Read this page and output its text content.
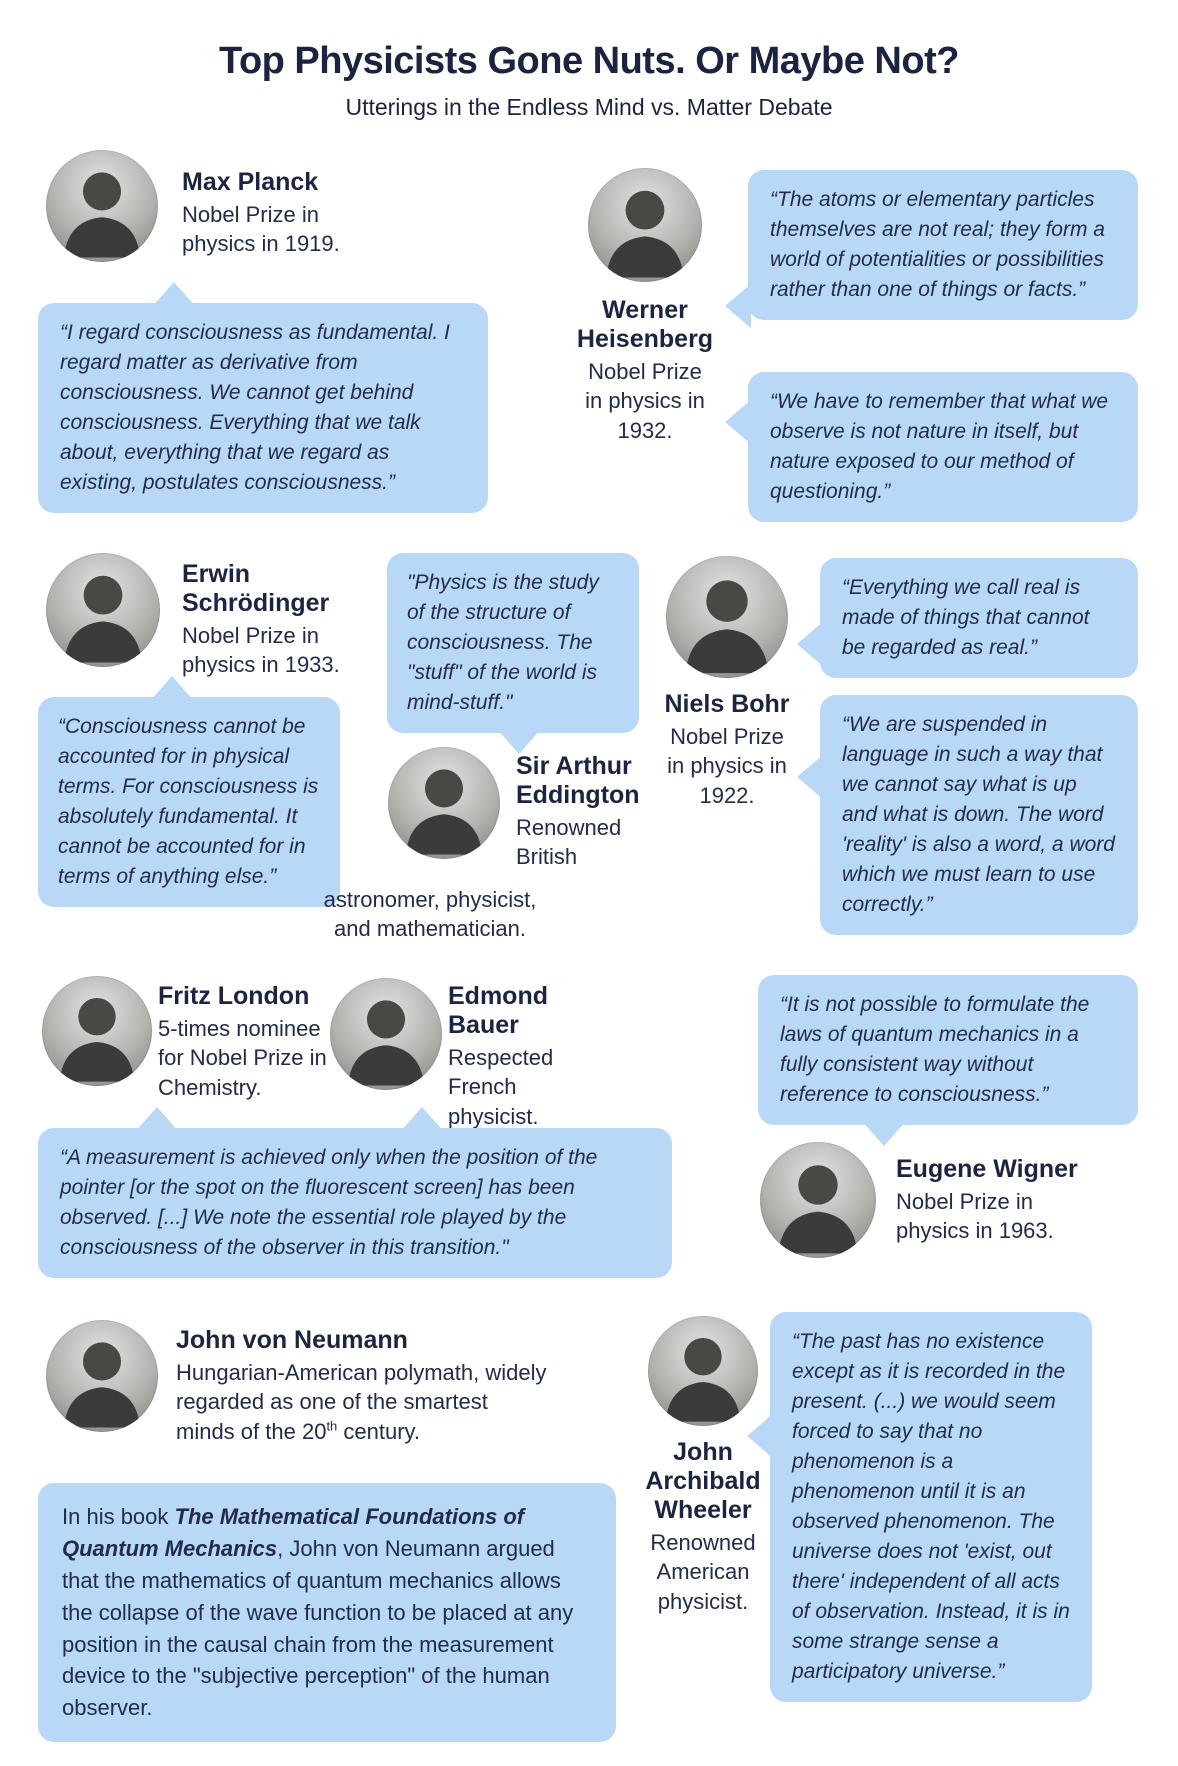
Top Physicists Gone Nuts. Or Maybe Not?
Utterings in the Endless Mind vs. Matter Debate
Max Planck
Nobel Prize in physics in 1919.
“I regard consciousness as fundamental. I regard matter as derivative from consciousness. We cannot get behind consciousness. Everything that we talk about, everything that we regard as existing, postulates consciousness.”
Werner Heisenberg
Nobel Prize in physics in 1932.
“The atoms or elementary particles themselves are not real; they form a world of potentialities or possibilities rather than one of things or facts.”
“We have to remember that what we observe is not nature in itself, but nature exposed to our method of questioning.”
Erwin Schrödinger
Nobel Prize in physics in 1933.
“Consciousness cannot be accounted for in physical terms. For consciousness is absolutely fundamental. It cannot be accounted for in terms of anything else.”
"Physics is the study of the structure of consciousness. The "stuff" of the world is mind-stuff."
Sir Arthur Eddington
Renowned British
astronomer, physicist, and mathematician.
Niels Bohr
Nobel Prize in physics in 1922.
“Everything we call real is made of things that cannot be regarded as real.”
“We are suspended in language in such a way that we cannot say what is up and what is down. The word 'reality' is also a word, a word which we must learn to use correctly.”
Fritz London
5-times nominee for Nobel Prize in Chemistry.
Edmond Bauer
Respected French physicist.
“A measurement is achieved only when the position of the pointer [or the spot on the fluorescent screen] has been observed. [...] We note the essential role played by the consciousness of the observer in this transition."
“It is not possible to formulate the laws of quantum mechanics in a fully consistent way without reference to consciousness.”
Eugene Wigner
Nobel Prize in physics in 1963.
John von Neumann
Hungarian-American polymath, widely regarded as one of the smartest minds of the 20th century.
In his book The Mathematical Foundations of Quantum Mechanics, John von Neumann argued that the mathematics of quantum mechanics allows the collapse of the wave function to be placed at any position in the causal chain from the measurement device to the "subjective perception" of the human observer.
John Archibald Wheeler
Renowned American physicist.
“The past has no existence except as it is recorded in the present. (...) we would seem forced to say that no phenomenon is a phenomenon until it is an observed phenomenon. The universe does not 'exist, out there' independent of all acts of observation. Instead, it is in some strange sense a participatory universe.”
